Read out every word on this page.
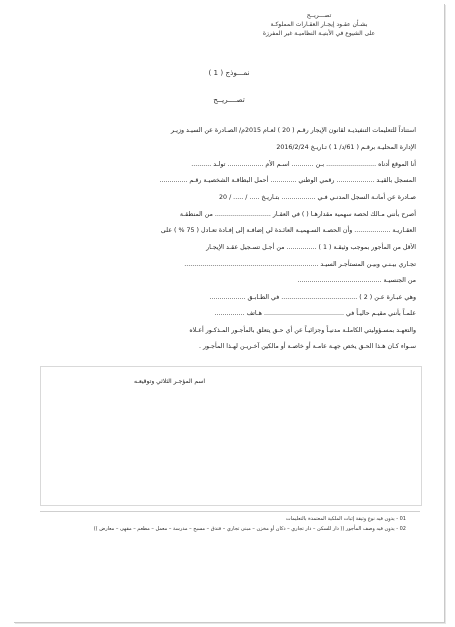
تصـــريــح
بشـأن عقـود إيجـار العقـارات المملوكـة
على الشيوع في الأبنيـة النظاميـة غير المفرزة
نمـــوذج ( 1 )
تصــــريــح
استناداً للتعليمات التنفيذيـة لقانون الإيجار رقـم ( 20 ) لعـام 2015م/ الصـادرة عن السيـد وزيـر
الإدارة المحليـة برقـم ( 61/د/ 1 ) تـاريـخ 2016/2/24
أنا الموقع أدناه ......................... بـن ........... اسـم الأم .................. تولـد ..........
المسجل بالقيـد ................... رقمي الوطني ............. أحمل البطاقـة الشخصيـة رقـم ..............
صـادرة عن أمانـة السجل المدنـي فـي ................. بتـاريـخ ..... / ..... / 20
أصرح بأنني مـالك لحصة سهمية مقدارهـا ( ) في العقـار ............................ من المنطقـة
العقـاريـة .................. وأن الحصـة السـهميـة العائـدة لي إضافـة إلى إفـادة تعـادل ( 75 % ) على
الأقل من المأجور بموجب وثيقـة ( 1 ) ............... من أجـل تسـجيل عقـد الإيجـار
تجـاري بيـنـي وبيـن المستأجـر السيـد ...................................................................
من الجنسيـة ..........................................
وهي عبـارة عـن ( 2 ) ...................................... في الطـابـق ..................
علمـاً بأنني مقيـم حاليـاً في ........................................ هـاتف ...............
والتعهـد بمسـؤوليتي الكاملـة مدنيـاً وجزائيـاً عن أي حـق يتعلق بالمأجـور المـذكـور أعـلاه
سـواء كـان هـذا الحـق يخص جهـة عامـة أو خاصـة أو مالكين آخـريـن لهـذا المأجـور .
اسم المؤجـر الثلاثي وتوقيعـه
01 - يدون فيه نوع وثيقة إثبات الملكية المعتمدة بالتعليمات
02 - يدون فيه وصف المأجور (( دار للسكن – دار تجاري – دكان أو مخزن – مبنى تجاري – فندق – مسبح – مدرسة – معمل – مطعم – مقهى – معارض ))
